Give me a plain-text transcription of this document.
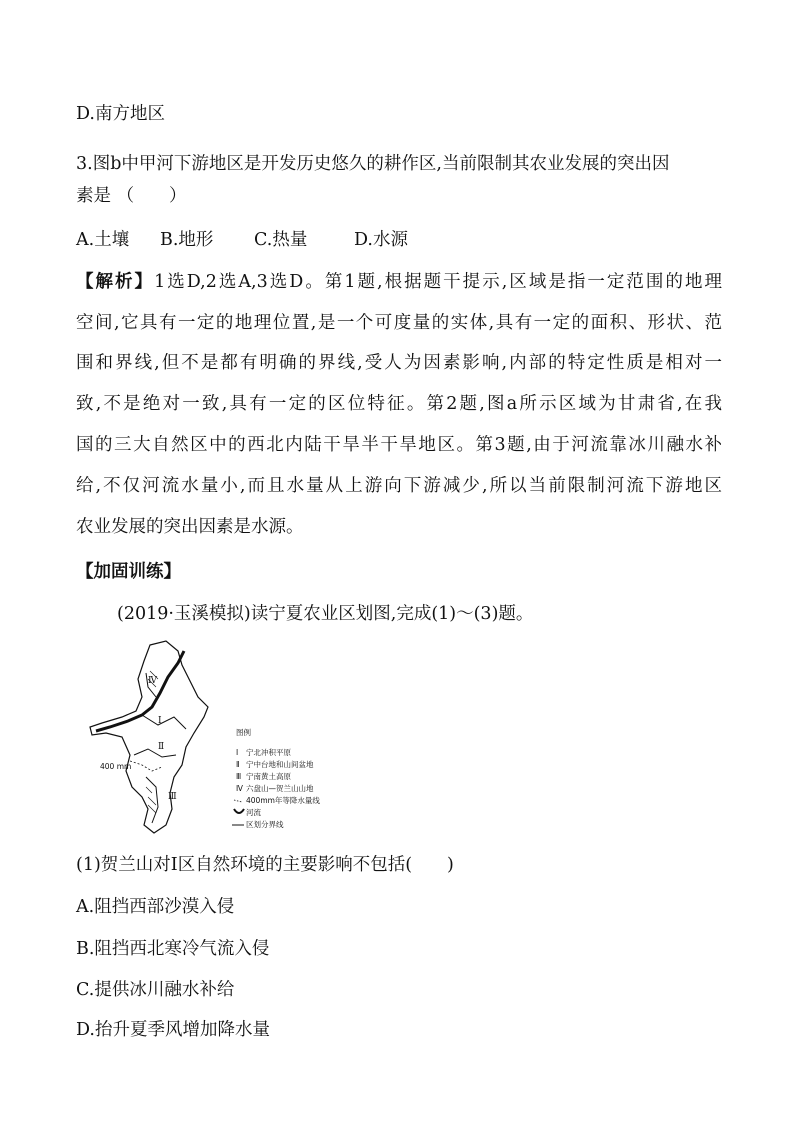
D.南方地区
3.图b中甲河下游地区是开发历史悠久的耕作区,当前限制其农业发展的突出因
素是 （　　）
A.土壤 B.地形 C.热量	D.水源
【解析】1选D,2选A,3选D。第1题,根据题干提示,区域是指一定范围的地理
空间,它具有一定的地理位置,是一个可度量的实体,具有一定的面积、形状、范
围和界线,但不是都有明确的界线,受人为因素影响,内部的特定性质是相对一
致,不是绝对一致,具有一定的区位特征。第2题,图a所示区域为甘肃省,在我
国的三大自然区中的西北内陆干旱半干旱地区。第3题,由于河流靠冰川融水补
给,不仅河流水量小,而且水量从上游向下游减少,所以当前限制河流下游地区
农业发展的突出因素是水源。
【加固训练】
(2019·玉溪模拟)读宁夏农业区划图,完成(1)～(3)题。
Ⅳ
Ⅰ
Ⅱ
Ⅲ
400 mm
图例
Ⅰ 宁北冲积平原
Ⅱ 宁中台地和山间盆地
Ⅲ 宁南黄土高原
Ⅳ 六盘山—贺兰山山地
400mm年等降水量线
河流
区划分界线
(1)贺兰山对Ⅰ区自然环境的主要影响不包括(　　)
A.阻挡西部沙漠入侵
B.阻挡西北寒冷气流入侵
C.提供冰川融水补给
D.抬升夏季风增加降水量
